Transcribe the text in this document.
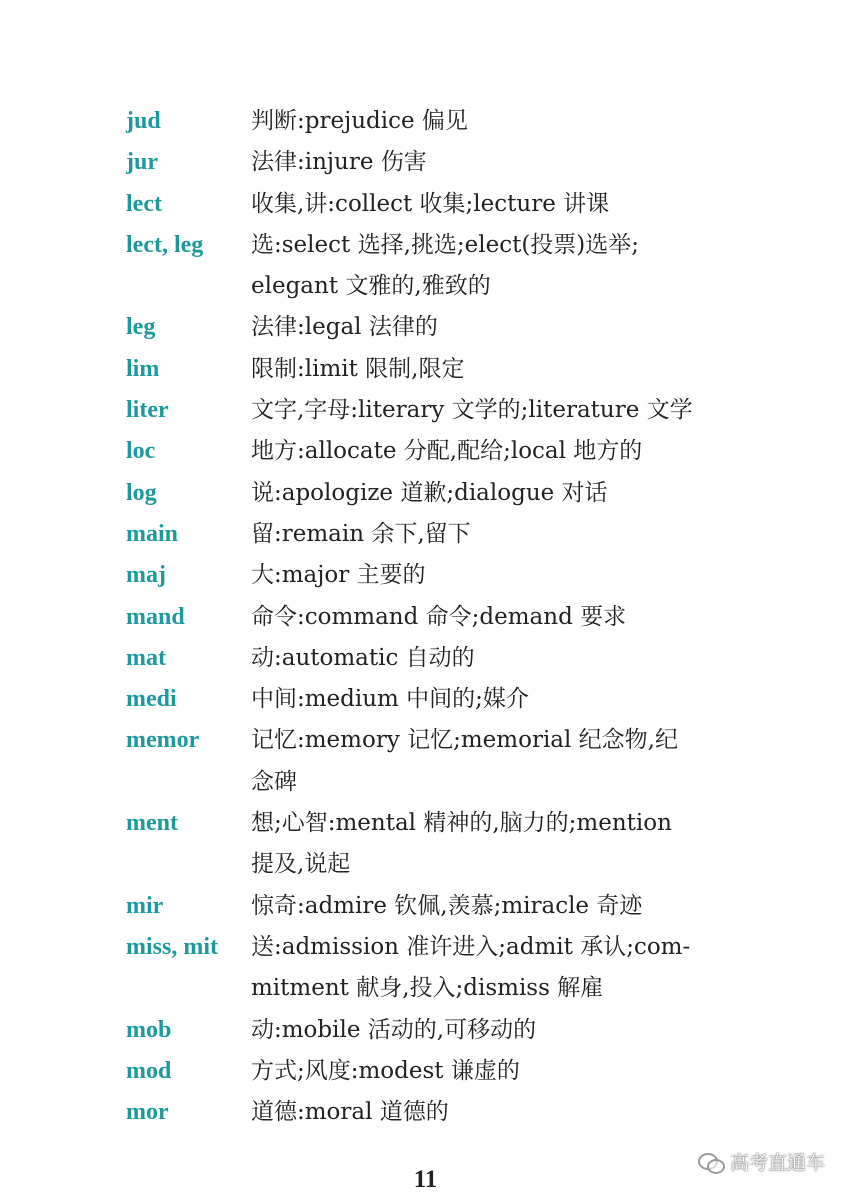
jud	判断:prejudice 偏见
jur	法律:injure 伤害
lect	收集,讲:collect 收集;lecture 讲课
lect, leg	选:select 选择,挑选;elect(投票)选举;
elegant 文雅的,雅致的
leg	法律:legal 法律的
lim	限制:limit 限制,限定
liter	文字,字母:literary 文学的;literature 文学
loc	地方:allocate 分配,配给;local 地方的
log	说:apologize 道歉;dialogue 对话
main	留:remain 余下,留下
maj	大:major 主要的
mand	命令:command 命令;demand 要求
mat	动:automatic 自动的
medi	中间:medium 中间的;媒介
memor	记忆:memory 记忆;memorial 纪念物,纪
念碑
ment	想;心智:mental 精神的,脑力的;mention
提及,说起
mir	惊奇:admire 钦佩,羡慕;miracle 奇迹
miss, mit	送:admission 准许进入;admit 承认;com-
mitment 献身,投入;dismiss 解雇
mob	动:mobile 活动的,可移动的
mod	方式;风度:modest 谦虚的
mor	道德:moral 道德的
11
高考直通车
